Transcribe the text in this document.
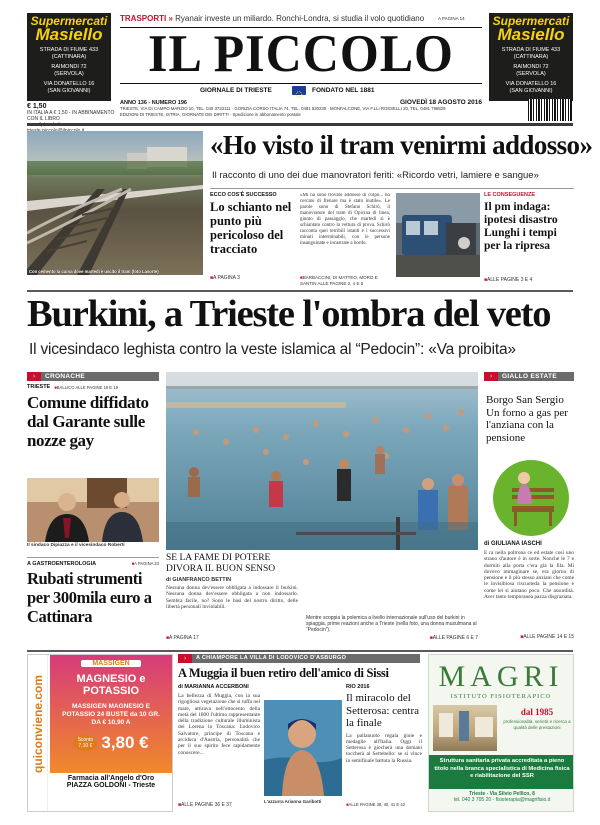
Supermercati
Masiello
STRADA DI FIUME 433
(CATTINARA)
RAIMONDI 72
(SERVOLA)
VIA DONATELLO 16
(SAN GIOVANNI)
Supermercati
Masiello
STRADA DI FIUME 433
(CATTINARA)
RAIMONDI 72
(SERVOLA)
VIA DONATELLO 16
(SAN GIOVANNI)
TRASPORTI » Ryanair investe un miliardo. Ronchi-Londra, si studia il volo quotidiano	A PAGINA 14
IL PICCOLO
GIORNALE DI TRIESTE	FONDATO NEL 1881
€ 1,50
IN ITALIA A € 1,50 - IN ABBINAMENTO CON IL LIBRO
ANNO 136 - NUMERO 196	GIOVEDÌ 18 AGOSTO 2016
TRIESTE, VIA DI CAMPO MARZIO 10, TEL. 040 3733111 · GORIZIA CORSO ITALIA 74, TEL. 0481 530230 · MONFALCONE, VIA F.LLI ROSSELLI 20, TEL. 0481 798829
EDIZIONI DI TRIESTE, ISTRIA, GIORNATE DEI DIRITTI · Spedizione in abbonamento postale
Con cemento la curva dove martedì è uscito il tram (foto Lasorte)
«Ho visto il tram venirmi addosso»
Il racconto di uno dei due manovratori feriti: «Ricordo vetri, lamiere e sangue»
ECCO COS'È SUCCESSO
Lo schianto nel punto più pericoloso del tracciato
■ A PAGINA 3
«Mi ha sono trovato addosso di colpo... ho cercato di frenare ma è stato inutile». Le parole sono di Stefano Schirò, il manovratore del tram di Opicina di linea, giunto di passaggio, che martedì si è schiantato contro la vettura di prova. Schirò racconta quei terribili istanti e i successivi minuti interminabili, con le persone insanguinate e incastrate a bordo.
■ BARBACCINI, DI MATTEO, MORO E SANTIN ALLE PAGINE 2, 4 E 5
LE CONSEGUENZE
Il pm indaga: ipotesi disastro Lunghi i tempi per la ripresa
■ ALLE PAGINE 3 E 4
Burkini, a Trieste l'ombra del veto
Il vicesindaco leghista contro la veste islamica al “Pedocin”: «Va proibita»
›	CRONACHE
TRIESTE	■ BALLICO ALLE PAGINE 18 E 19
Comune diffidato dal Garante sulle nozze gay
Il sindaco Dipiazza e il vicesindaco Roberti
A GASTROENTEROLOGIA	■ A PAGINA 23
Rubati strumenti per 300mila euro a Cattinara
SE LA FAME DI POTERE DIVORA IL BUON SENSO
di GIANFRANCO BETTIN
Nessuna donna dev'essere obbligata a indossare il burkini. Nessuna donna dev'essere obbligata a non indossarlo. Sembra facile, no? Sono le basi del nostro diritto, delle libertà personali inviolabili.
■ A PAGINA 17
Mentre scoppia la polemica a livello internazionale sull'uso del burkini in spiaggia, prime reazioni anche a Trieste (nella foto, una donna musulmana al “Pedocin”).
■ ALLE PAGINE 6 E 7
›	GIALLO ESTATE
Borgo San Sergio Un forno a gas per l'anziana con la pensione
di GIULIANA IASCHI
E ra nella poltrona ce ed estate così uno strano d'autore è in sorte. Nonché le 7 e dormiti alla porta c'era già la fila. Mi dovevo immaginare se, era giorno di pensione e il più stesso anziani che come le invisibiosa riscuoteda la pensione e come lei si aiutano poco. Che assurdità. Aver tanto temporanea pazza disgraziata.
■ ALLE PAGINE 14 E 15
quiconviene.com
MASSIGEN
MAGNESIO e POTASSIO
MASSIGEN MAGNESIO E POTASSIO 24 BUSTE da 10 GR. DA € 10,90 A
Sconto 7,10 € 3,80 €
Farmacia all'Angelo d'Oro
PIAZZA GOLDONI - Trieste
›	A CHIAMPORE LA VILLA DI LODOVICO D'ASBURGO
A Muggia il buen retiro dell'amico di Sissi
di MARIANNA ACCERBONI
La bellezza di Muggia, con la sua rigogliosa vegetazione che si tuffa nel mare, attirava nell'ottocento della metà del 1800 l'ultimo rappresentante della tradizione culturale illuminista dei Lorena in Toscana: Lodovico Salvatore, principe di Toscana e arciduca d'Austria, personalità che per il suo spirito fece rapidamente conoscere...
■ ALLE PAGINE 36 E 37
L'azzurra Arianna Garibotti
RIO 2016
Il miracolo del Setterosa: centra la finale
La pallanuoto regala gioie e medaglie all'Italia. Oggi il Setterosa è giocherà una domani toccherà al Settebello: se si vince in semifinale battuta la Russia.
■ ALLE PAGINE 38, 40, 41 E 42
MAGRI
ISTITUTO FISIOTERAPICO
dal 1985
professionalità, serietà e ricerca a qualità delle prestazioni
Struttura sanitaria privata accreditata a pieno titolo nella branca specialistica di Medicina fisica e riabilitazione del SSR
Trieste - Via Silvio Pellico, 8
tel. 040 3 705 20 - fisioterapia@magrifisio.it
